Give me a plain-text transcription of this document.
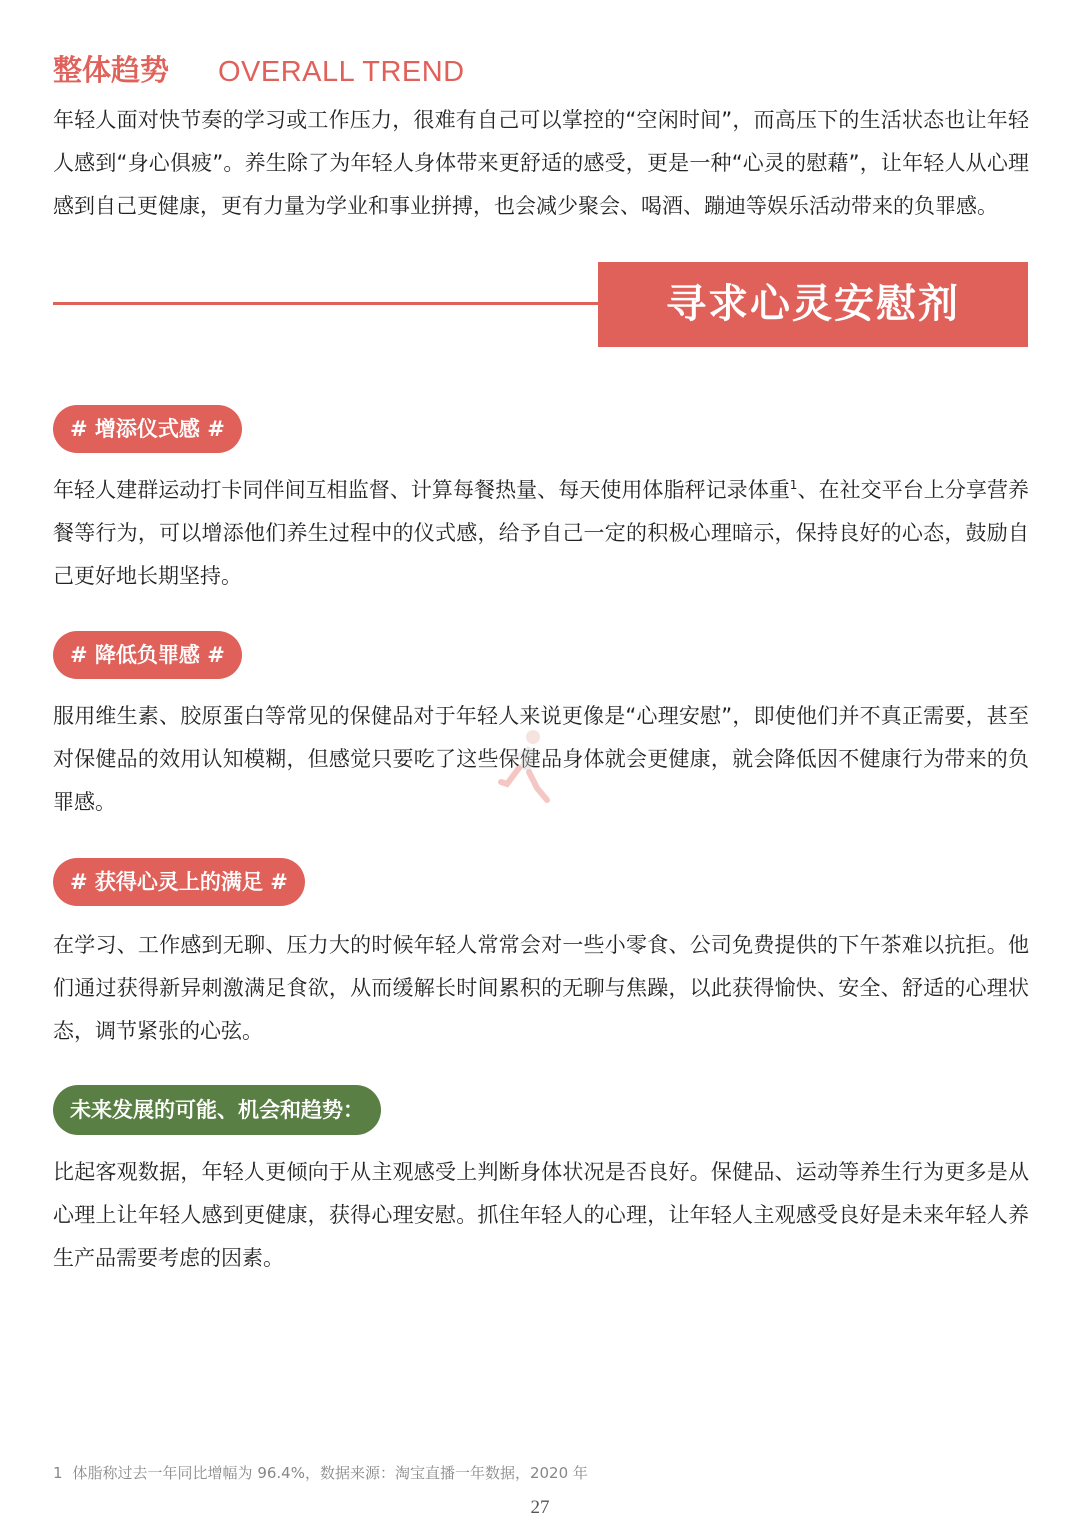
整体趋势 OVERALL TREND

年轻人面对快节奏的学习或工作压力，很难有自己可以掌控的“空闲时间”，而高压下的生活状态也让年轻人感到“身心俱疲”。养生除了为年轻人身体带来更舒适的感受，更是一种“心灵的慰藉”，让年轻人从心理感到自己更健康，更有力量为学业和事业拼搏，也会减少聚会、喝酒、蹦迪等娱乐活动带来的负罪感。

寻求心灵安慰剂
# 增添仪式感 #

年轻人建群运动打卡同伴间互相监督、计算每餐热量、每天使用体脂秤记录体重$^1$、在社交平台上分享营养餐等行为，可以增添他们养生过程中的仪式感，给予自己一定的积极心理暗示，保持良好的心态，鼓励自己更好地长期坚持。

# 降低负罪感 #

服用维生素、胶原蛋白等常见的保健品对于年轻人来说更像是“心理安慰”，即使他们并不真正需要，甚至对保健品的效用认知模糊，但感觉只要吃了这些保健品身体就会更健康，就会降低因不健康行为带来的负罪感。

# 获得心灵上的满足 #

在学习、工作感到无聊、压力大的时候年轻人常常会对一些小零食、公司免费提供的下午茶难以抗拒。他们通过获得新异刺激满足食欲，从而缓解长时间累积的无聊与焦躁，以此获得愉快、安全、舒适的心理状态，调节紧张的心弦。

未来发展的可能、机会和趋势：

比起客观数据，年轻人更倾向于从主观感受上判断身体状况是否良好。保健品、运动等养生行为更多是从心理上让年轻人感到更健康，获得心理安慰。抓住年轻人的心理，让年轻人主观感受良好是未来年轻人养生产品需要考虑的因素。

1 体脂称过去一年同比增幅为 96.4%，数据来源：淘宝直播一年数据，2020 年
27
